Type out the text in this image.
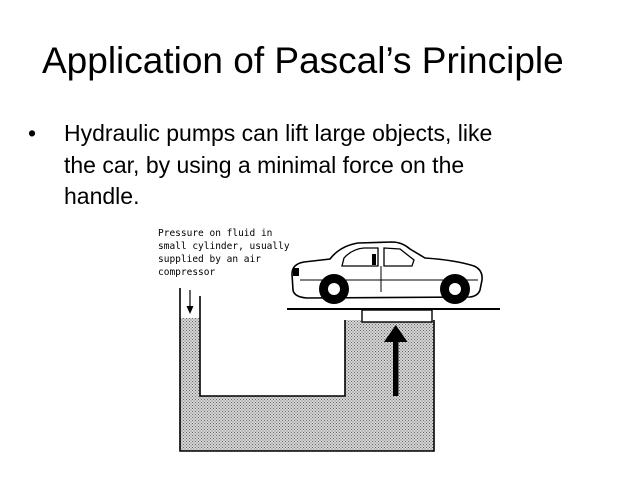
Application of Pascal’s Principle
• Hydraulic pumps can lift large objects, like
the car, by using a minimal force on the
handle.
Pressure on fluid in small cylinder, usually supplied by an air compressor
